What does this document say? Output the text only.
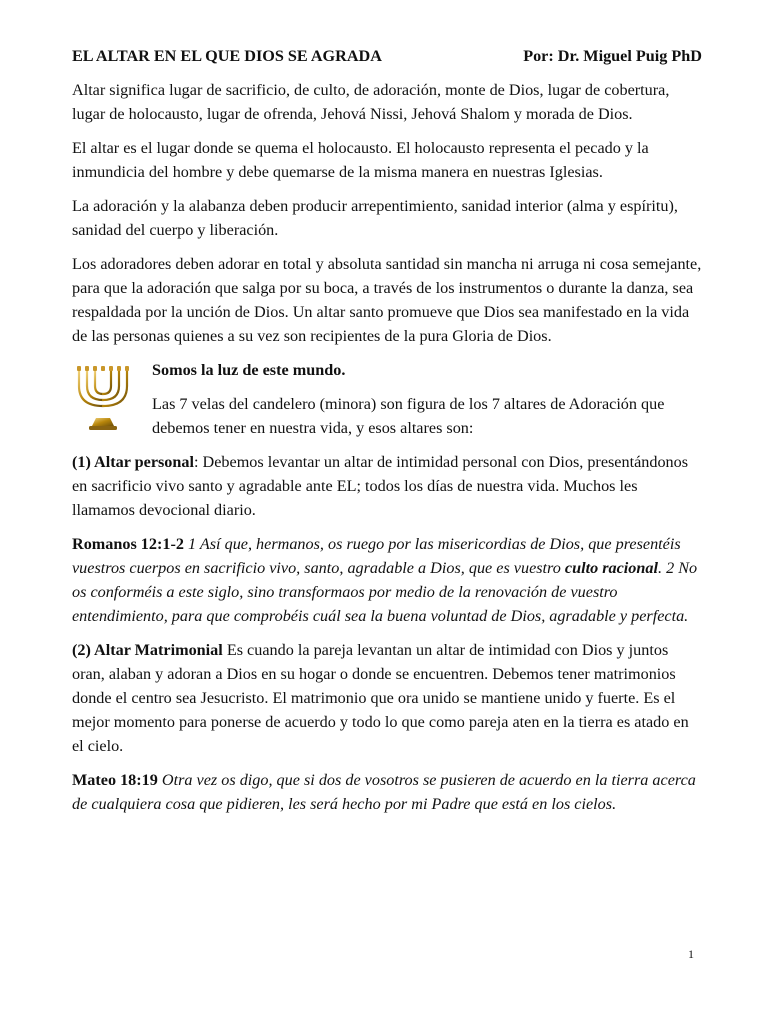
EL ALTAR EN EL QUE DIOS SE AGRADA	Por: Dr. Miguel Puig PhD

Altar significa lugar de sacrificio, de culto, de adoración, monte de Dios, lugar de cobertura, lugar de holocausto, lugar de ofrenda, Jehová Nissi, Jehová Shalom y morada de Dios.

El altar es el lugar donde se quema el holocausto. El holocausto representa el pecado y la inmundicia del hombre y debe quemarse de la misma manera en nuestras Iglesias.

La adoración y la alabanza deben producir arrepentimiento, sanidad interior (alma y espíritu), sanidad del cuerpo y liberación.

Los adoradores deben adorar en total y absoluta santidad sin mancha ni arruga ni cosa semejante, para que la adoración que salga por su boca, a través de los instrumentos o durante la danza, sea respaldada por la unción de Dios. Un altar santo promueve que Dios sea manifestado en la vida de las personas quienes a su vez son recipientes de la pura Gloria de Dios.

Somos la luz de este mundo.

Las 7 velas del candelero (minora) son figura de los 7 altares de Adoración que debemos tener en nuestra vida, y esos altares son:

(1) Altar personal: Debemos levantar un altar de intimidad personal con Dios, presentándonos en sacrificio vivo santo y agradable ante EL; todos los días de nuestra vida. Muchos les llamamos devocional diario.

Romanos 12:1-2 1 Así que, hermanos, os ruego por las misericordias de Dios, que presentéis vuestros cuerpos en sacrificio vivo, santo, agradable a Dios, que es vuestro culto racional. 2 No os conforméis a este siglo, sino transformaos por medio de la renovación de vuestro entendimiento, para que comprobéis cuál sea la buena voluntad de Dios, agradable y perfecta.

(2) Altar Matrimonial Es cuando la pareja levantan un altar de intimidad con Dios y juntos oran, alaban y adoran a Dios en su hogar o donde se encuentren. Debemos tener matrimonios donde el centro sea Jesucristo. El matrimonio que ora unido se mantiene unido y fuerte. Es el mejor momento para ponerse de acuerdo y todo lo que como pareja aten en la tierra es atado en el cielo.

Mateo 18:19 Otra vez os digo, que si dos de vosotros se pusieren de acuerdo en la tierra acerca de cualquiera cosa que pidieren, les será hecho por mi Padre que está en los cielos.

1
